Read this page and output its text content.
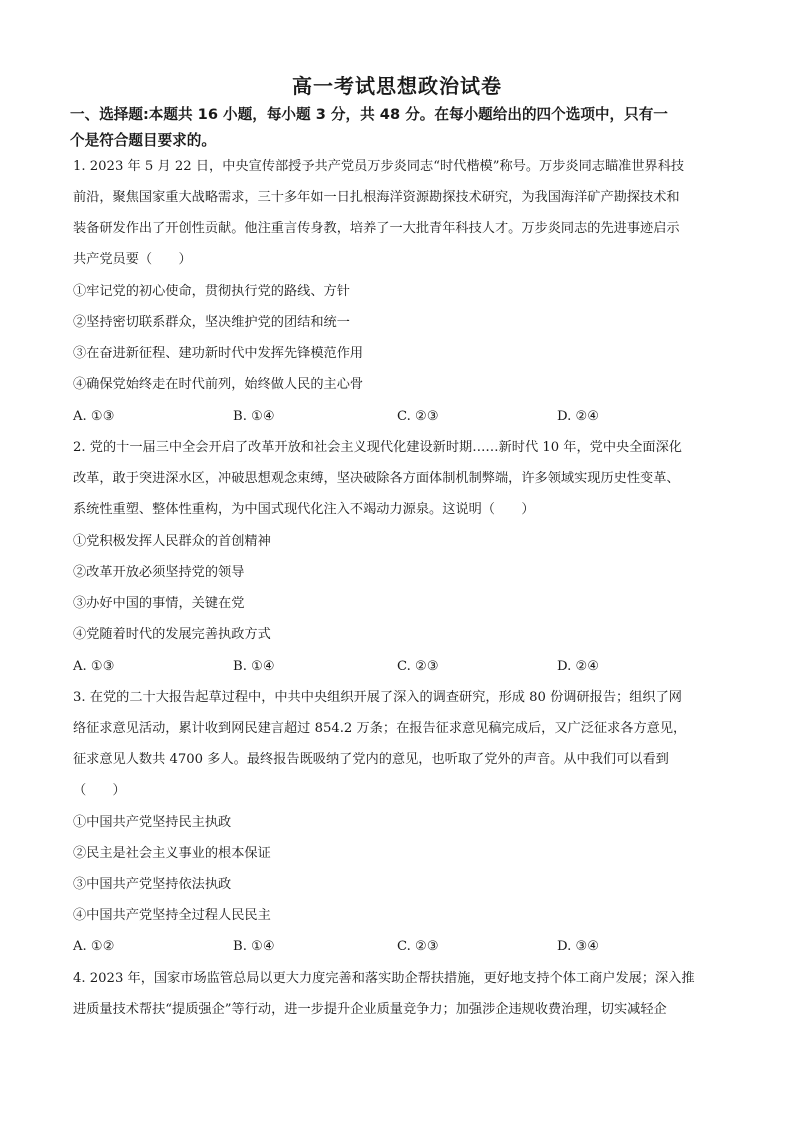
高一考试思想政治试卷
一、选择题:本题共 16 小题，每小题 3 分，共 48 分。在每小题给出的四个选项中，只有一
个是符合题目要求的。
1. 2023 年 5 月 22 日，中央宣传部授予共产党员万步炎同志“时代楷模”称号。万步炎同志瞄准世界科技
前沿，聚焦国家重大战略需求，三十多年如一日扎根海洋资源勘探技术研究，为我国海洋矿产勘探技术和
装备研发作出了开创性贡献。他注重言传身教，培养了一大批青年科技人才。万步炎同志的先进事迹启示
共产党员要（　　）
①牢记党的初心使命，贯彻执行党的路线、方针
②坚持密切联系群众，坚决维护党的团结和统一
③在奋进新征程、建功新时代中发挥先锋模范作用
④确保党始终走在时代前列，始终做人民的主心骨
A. ①③	B. ①④	C. ②③	D. ②④
2. 党的十一届三中全会开启了改革开放和社会主义现代化建设新时期……新时代 10 年，党中央全面深化
改革，敢于突进深水区，冲破思想观念束缚，坚决破除各方面体制机制弊端，许多领域实现历史性变革、
系统性重塑、整体性重构，为中国式现代化注入不竭动力源泉。这说明（　　）
①党积极发挥人民群众的首创精神
②改革开放必须坚持党的领导
③办好中国的事情，关键在党
④党随着时代的发展完善执政方式
A. ①③	B. ①④	C. ②③	D. ②④
3. 在党的二十大报告起草过程中，中共中央组织开展了深入的调查研究，形成 80 份调研报告；组织了网
络征求意见活动，累计收到网民建言超过 854.2 万条；在报告征求意见稿完成后，又广泛征求各方意见，
征求意见人数共 4700 多人。最终报告既吸纳了党内的意见，也听取了党外的声音。从中我们可以看到
（　　）
①中国共产党坚持民主执政
②民主是社会主义事业的根本保证
③中国共产党坚持依法执政
④中国共产党坚持全过程人民民主
A. ①②	B. ①④	C. ②③	D. ③④
4. 2023 年，国家市场监管总局以更大力度完善和落实助企帮扶措施，更好地支持个体工商户发展；深入推
进质量技术帮扶“提质强企”等行动，进一步提升企业质量竞争力；加强涉企违规收费治理，切实减轻企
